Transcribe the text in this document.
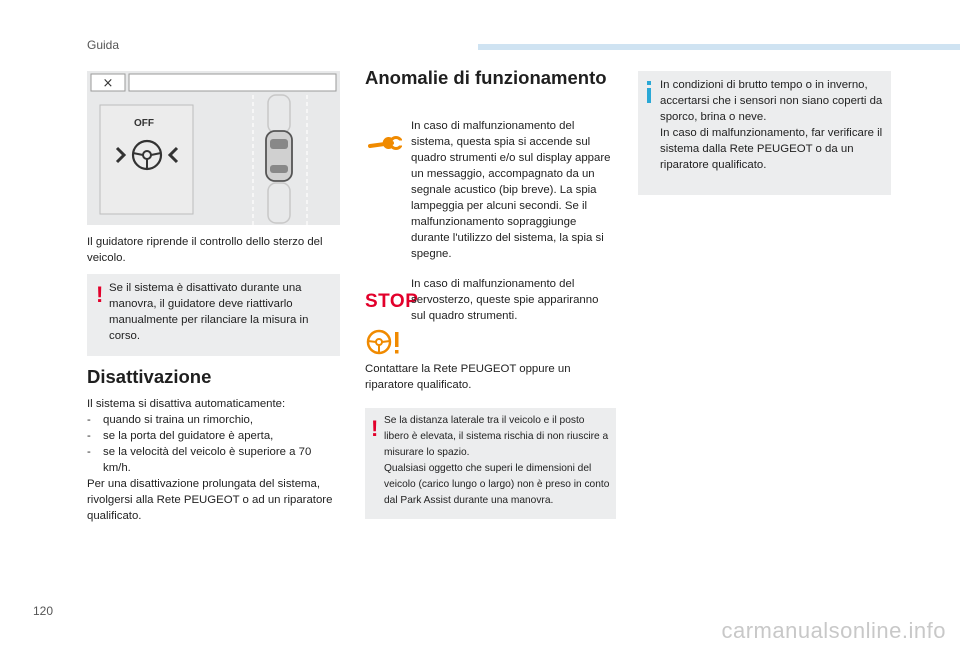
Guida
×
OFF

Il guidatore riprende il controllo dello sterzo del veicolo.

! Se il sistema è disattivato durante una manovra, il guidatore deve riattivarlo manualmente per rilanciare la misura in corso.

Disattivazione

Il sistema si disattiva automaticamente:

-	quando si traina un rimorchio,
-	se la porta del guidatore è aperta,
-	se la velocità del veicolo è superiore a 70 km/h.

Per una disattivazione prolungata del sistema, rivolgersi alla Rete PEUGEOT o ad un riparatore qualificato.

Anomalie di funzionamento

In caso di malfunzionamento del sistema, questa spia si accende sul quadro strumenti e/o sul display appare un messaggio, accompagnato da un segnale acustico (bip breve). La spia lampeggia per alcuni secondi. Se il malfunzionamento sopraggiunge durante l'utilizzo del sistema, la spia si spegne.

STOP

In caso di malfunzionamento del servosterzo, queste spie appariranno sul quadro strumenti.

Contattare la Rete PEUGEOT oppure un riparatore qualificato.

! Se la distanza laterale tra il veicolo e il posto libero è elevata, il sistema rischia di non riuscire a misurare lo spazio.

Qualsiasi oggetto che superi le dimensioni del veicolo (carico lungo o largo) non è preso in conto dal Park Assist durante una manovra.

In condizioni di brutto tempo o in inverno, accertarsi che i sensori non siano coperti da sporco, brina o neve.

In caso di malfunzionamento, far verificare il sistema dalla Rete PEUGEOT o da un riparatore qualificato.

120
carmanualsonline.info
